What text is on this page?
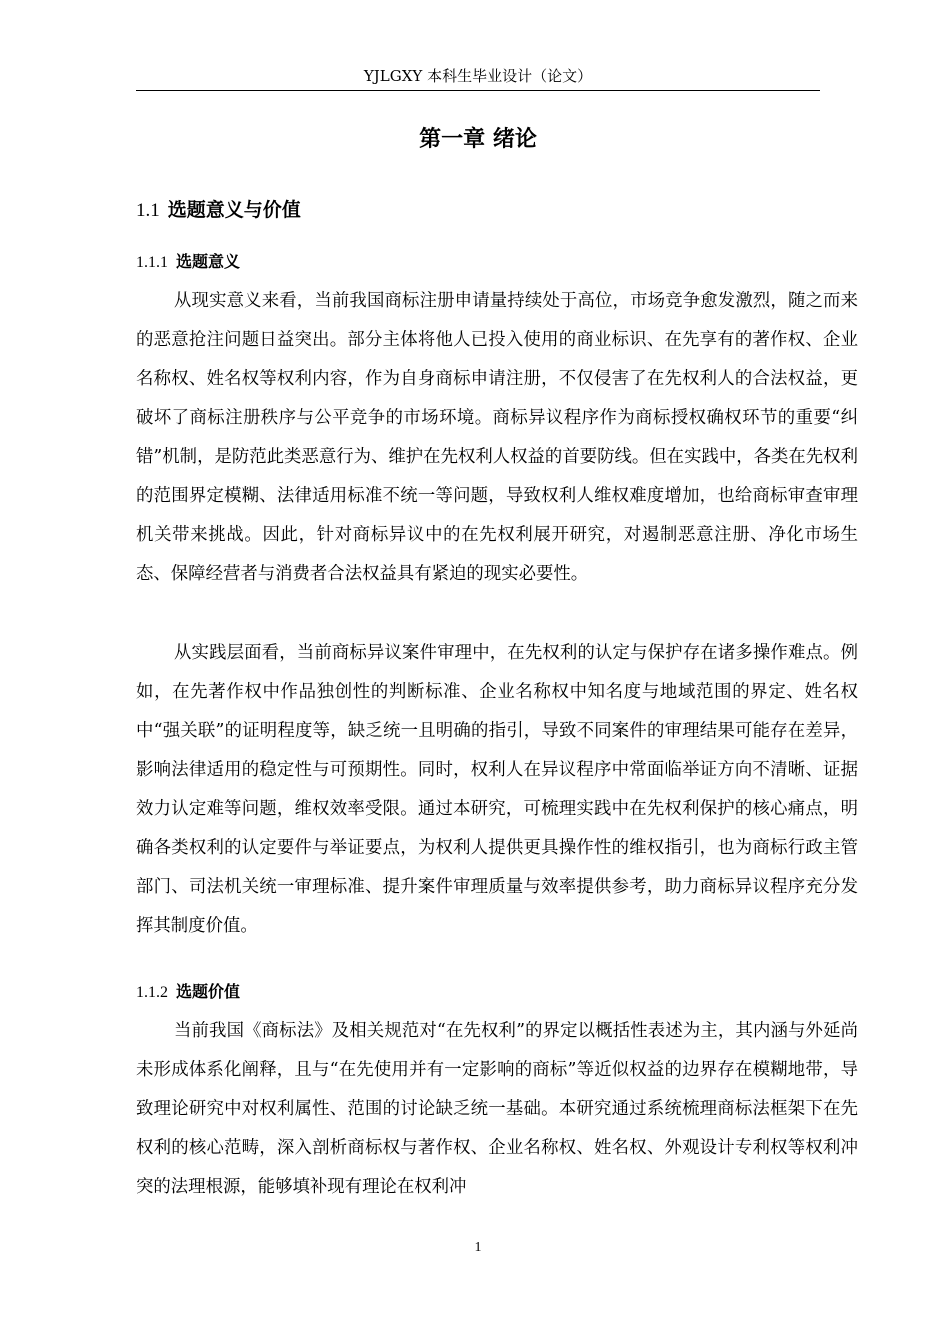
YJLGXY 本科生毕业设计（论文）
第一章 绪论
1.1 选题意义与价值
1.1.1 选题意义

从现实意义来看，当前我国商标注册申请量持续处于高位，市场竞争愈发激烈，随之而来的恶意抢注问题日益突出。部分主体将他人已投入使用的商业标识、在先享有的著作权、企业名称权、姓名权等权利内容，作为自身商标申请注册，不仅侵害了在先权利人的合法权益，更破坏了商标注册秩序与公平竞争的市场环境。商标异议程序作为商标授权确权环节的重要“纠错”机制，是防范此类恶意行为、维护在先权利人权益的首要防线。但在实践中，各类在先权利的范围界定模糊、法律适用标准不统一等问题，导致权利人维权难度增加，也给商标审查审理机关带来挑战。因此，针对商标异议中的在先权利展开研究，对遏制恶意注册、净化市场生态、保障经营者与消费者合法权益具有紧迫的现实必要性。

从实践层面看，当前商标异议案件审理中，在先权利的认定与保护存在诸多操作难点。例如，在先著作权中作品独创性的判断标准、企业名称权中知名度与地域范围的界定、姓名权中“强关联”的证明程度等，缺乏统一且明确的指引，导致不同案件的审理结果可能存在差异，影响法律适用的稳定性与可预期性。同时，权利人在异议程序中常面临举证方向不清晰、证据效力认定难等问题，维权效率受限。通过本研究，可梳理实践中在先权利保护的核心痛点，明确各类权利的认定要件与举证要点，为权利人提供更具操作性的维权指引，也为商标行政主管部门、司法机关统一审理标准、提升案件审理质量与效率提供参考，助力商标异议程序充分发挥其制度价值。

1.1.2 选题价值

当前我国《商标法》及相关规范对“在先权利”的界定以概括性表述为主，其内涵与外延尚未形成体系化阐释，且与“在先使用并有一定影响的商标”等近似权益的边界存在模糊地带，导致理论研究中对权利属性、范围的讨论缺乏统一基础。本研究通过系统梳理商标法框架下在先权利的核心范畴，深入剖析商标权与著作权、企业名称权、姓名权、外观设计专利权等权利冲突的法理根源，能够填补现有理论在权利冲

1
